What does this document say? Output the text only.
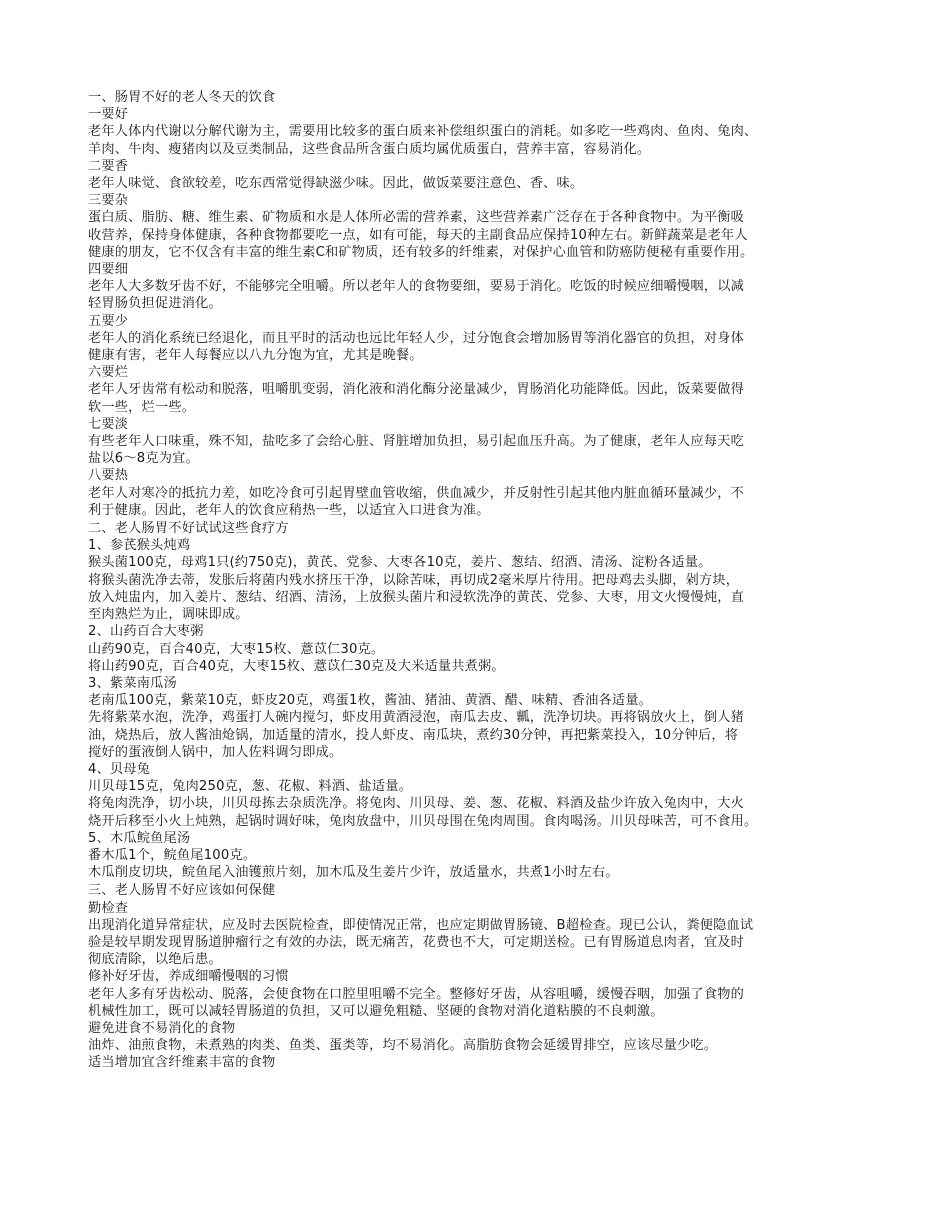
一、肠胃不好的老人冬天的饮食
一要好
老年人体内代谢以分解代谢为主，需要用比较多的蛋白质来补偿组织蛋白的消耗。如多吃一些鸡肉、鱼肉、兔肉、
羊肉、牛肉、瘦猪肉以及豆类制品，这些食品所含蛋白质均属优质蛋白，营养丰富，容易消化。
二要香
老年人味觉、食欲较差，吃东西常觉得缺滋少味。因此，做饭菜要注意色、香、味。
三要杂
蛋白质、脂肪、糖、维生素、矿物质和水是人体所必需的营养素，这些营养素广泛存在于各种食物中。为平衡吸
收营养，保持身体健康，各种食物都要吃一点，如有可能，每天的主副食品应保持10种左右。新鲜蔬菜是老年人
健康的朋友，它不仅含有丰富的维生素C和矿物质，还有较多的纤维素，对保护心血管和防癌防便秘有重要作用。
四要细
老年人大多数牙齿不好，不能够完全咀嚼。所以老年人的食物要细，要易于消化。吃饭的时候应细嚼慢咽，以减
轻胃肠负担促进消化。
五要少
老年人的消化系统已经退化，而且平时的活动也远比年轻人少，过分饱食会增加肠胃等消化器官的负担，对身体
健康有害，老年人每餐应以八九分饱为宜，尤其是晚餐。
六要烂
老年人牙齿常有松动和脱落，咀嚼肌变弱，消化液和消化酶分泌量减少，胃肠消化功能降低。因此，饭菜要做得
软一些，烂一些。
七要淡
有些老年人口味重，殊不知，盐吃多了会给心脏、肾脏增加负担，易引起血压升高。为了健康，老年人应每天吃
盐以6～8克为宜。
八要热
老年人对寒冷的抵抗力差，如吃冷食可引起胃壁血管收缩，供血减少，并反射性引起其他内脏血循环量减少，不
利于健康。因此，老年人的饮食应稍热一些，以适宜入口进食为准。
二、老人肠胃不好试试这些食疗方
1、参芪猴头炖鸡
猴头菌100克，母鸡1只(约750克)，黄芪、党参、大枣各10克，姜片、葱结、绍酒、清汤、淀粉各适量。
将猴头菌洗净去蒂，发胀后将菌内残水挤压干净，以除苦味，再切成2毫米厚片待用。把母鸡去头脚，剁方块，
放入炖盅内，加入姜片、葱结、绍酒、清汤，上放猴头菌片和浸软洗净的黄芪、党参、大枣，用文火慢慢炖，直
至肉熟烂为止，调味即成。
2、山药百合大枣粥
山药90克，百合40克，大枣15枚、薏苡仁30克。
将山药90克，百合40克，大枣15枚、薏苡仁30克及大米适量共煮粥。
3、紫菜南瓜汤
老南瓜100克，紫菜10克，虾皮20克，鸡蛋1枚，酱油、猪油、黄酒、醋、味精、香油各适量。
先将紫菜水泡，洗净，鸡蛋打人碗内搅匀，虾皮用黄酒浸泡，南瓜去皮、瓤，洗净切块。再将锅放火上，倒人猪
油，烧热后，放人酱油炝锅，加适量的清水，投人虾皮、南瓜块，煮约30分钟，再把紫菜投入，10分钟后，将
搅好的蛋液倒人锅中，加人佐料调匀即成。
4、贝母兔
川贝母15克，兔肉250克，葱、花椒、料酒、盐适量。
将兔肉洗净，切小块，川贝母拣去杂质洗净。将兔肉、川贝母、姜、葱、花椒、料酒及盐少许放入兔肉中，大火
烧开后移至小火上炖熟，起锅时调好味，兔肉放盘中，川贝母围在兔肉周围。食肉喝汤。川贝母味苦，可不食用。
5、木瓜鲩鱼尾汤
番木瓜1个，鲩鱼尾100克。
木瓜削皮切块，鲩鱼尾入油镬煎片刻，加木瓜及生姜片少许，放适量水，共煮1小时左右。
三、老人肠胃不好应该如何保健
勤检查
出现消化道异常症状，应及时去医院检查，即使情况正常，也应定期做胃肠镜、B超检查。现已公认，粪便隐血试
验是较早期发现胃肠道肿瘤行之有效的办法，既无痛苦，花费也不大，可定期送检。已有胃肠道息肉者，宜及时
彻底清除，以绝后患。
修补好牙齿，养成细嚼慢咽的习惯
老年人多有牙齿松动、脱落，会使食物在口腔里咀嚼不完全。整修好牙齿，从容咀嚼，缓慢吞咽，加强了食物的
机械性加工，既可以减轻胃肠道的负担，又可以避免粗糙、坚硬的食物对消化道粘膜的不良刺激。
避免进食不易消化的食物
油炸、油煎食物，未煮熟的肉类、鱼类、蛋类等，均不易消化。高脂肪食物会延缓胃排空，应该尽量少吃。
适当增加宜含纤维素丰富的食物
